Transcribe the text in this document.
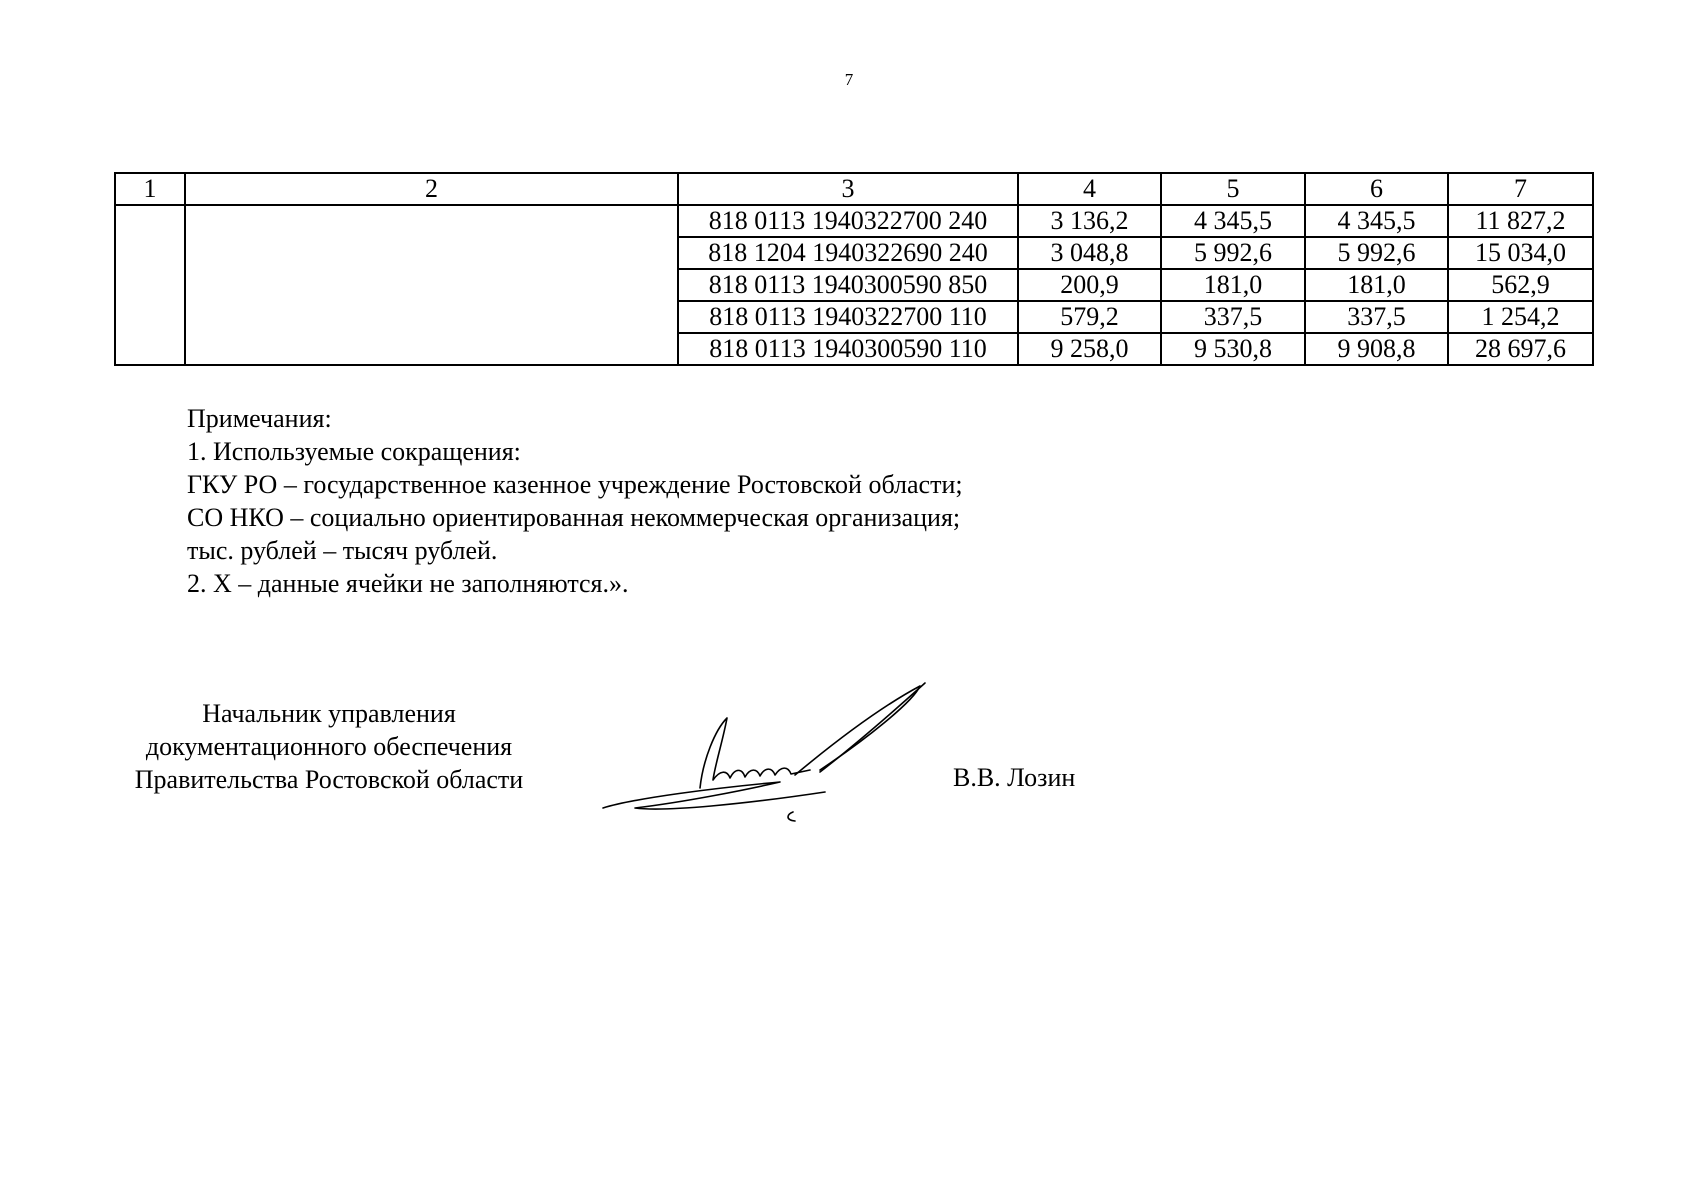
7
1	2	3	4	5	6	7
		818 0113 1940322700 240	3 136,2	4 345,5	4 345,5	11 827,2
		818 1204 1940322690 240	3 048,8	5 992,6	5 992,6	15 034,0
		818 0113 1940300590 850	200,9	181,0	181,0	562,9
		818 0113 1940322700 110	579,2	337,5	337,5	1 254,2
		818 0113 1940300590 110	9 258,0	9 530,8	9 908,8	28 697,6
Примечания:
1. Используемые сокращения:
ГКУ РО – государственное казенное учреждение Ростовской области;
СО НКО – социально ориентированная некоммерческая организация;
тыс. рублей – тысяч рублей.
2. Х – данные ячейки не заполняются.».
Начальник управления
документационного обеспечения
Правительства Ростовской области	В.В. Лозин
